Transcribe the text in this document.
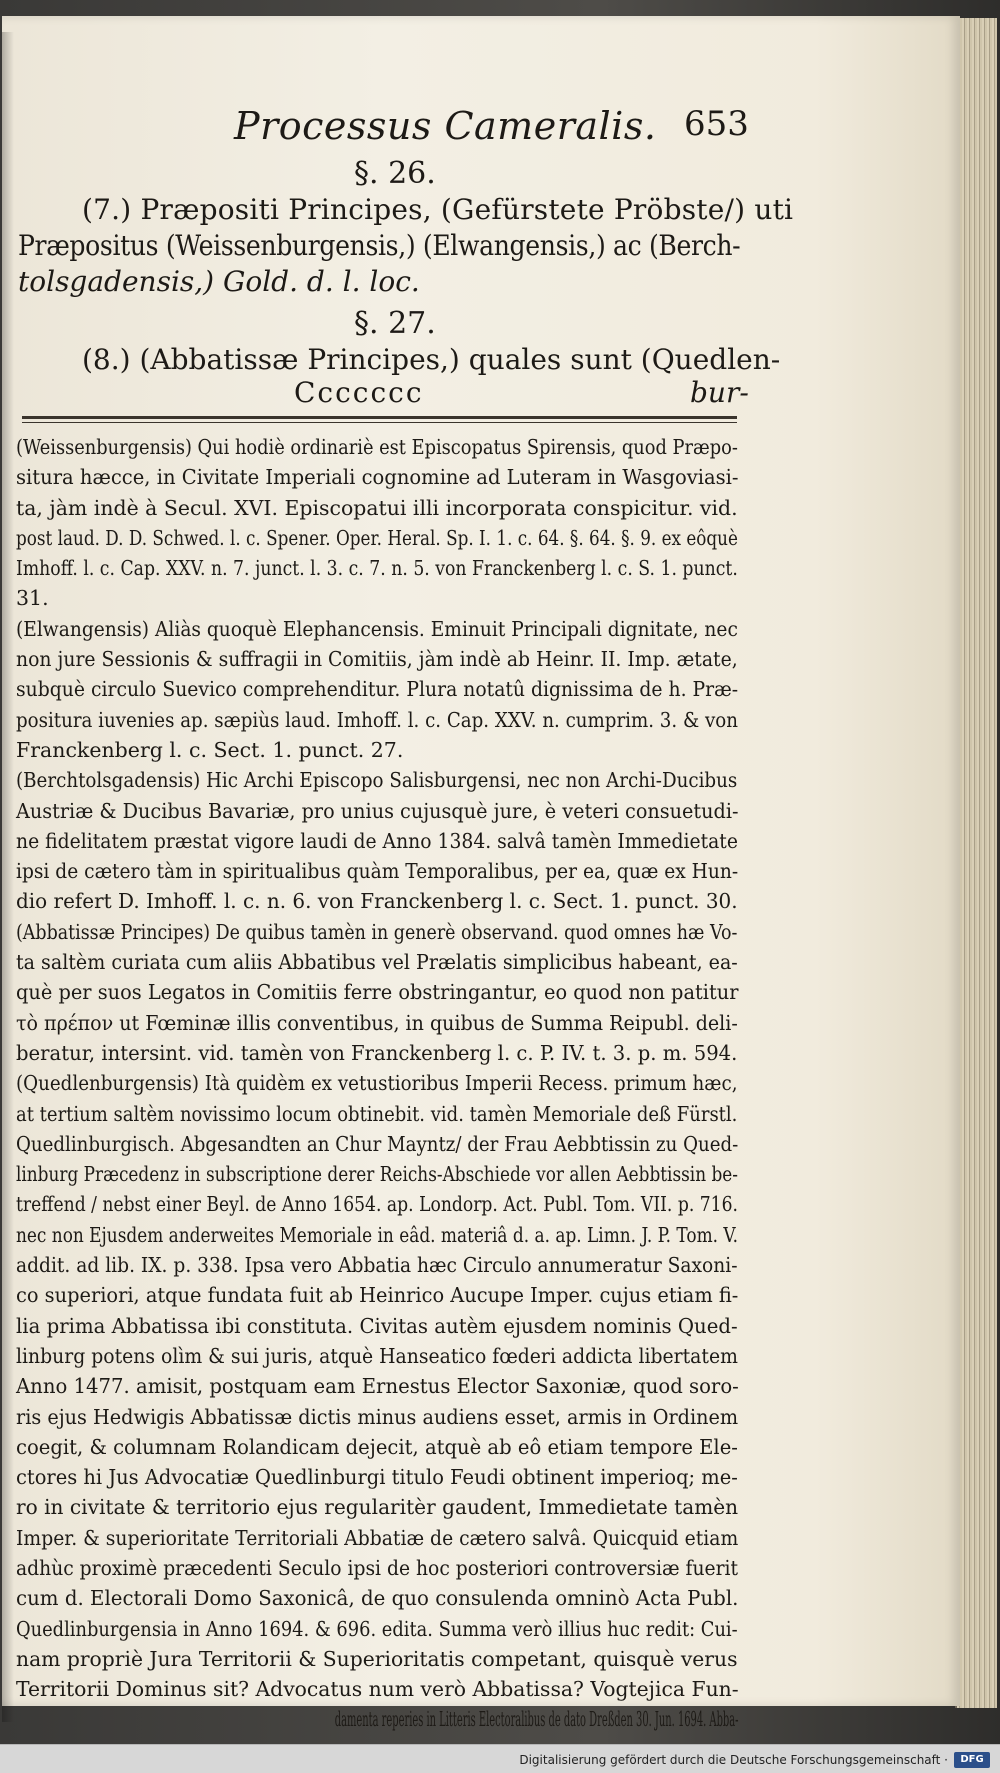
Processus Cameralis. 653
§. 26.
(7.) Præpositi Principes, (Gefürstete Pröbste/) uti
Præpositus (Weissenburgensis,) (Elwangensis,) ac (Berch-
tolsgadensis,) Gold. d. l. loc.
§. 27.
(8.) (Abbatissæ Principes,) quales sunt (Quedlen-
Ccccccc	bur-
(Weissenburgensis) Qui hodiè ordinariè est Episcopatus Spirensis, quod Præpo-
situra hæcce, in Civitate Imperiali cognomine ad Luteram in Wasgoviasi-
ta, jàm indè à Secul. XVI. Episcopatui illi incorporata conspicitur. vid.
post laud. D. D. Schwed. l. c. Spener. Oper. Heral. Sp. I. 1. c. 64. §. 64. §. 9. ex eôquè
Imhoff. l. c. Cap. XXV. n. 7. junct. l. 3. c. 7. n. 5. von Franckenberg l. c. S. 1. punct.
31.
(Elwangensis) Aliàs quoquè Elephancensis. Eminuit Principali dignitate, nec
non jure Sessionis & suffragii in Comitiis, jàm indè ab Heinr. II. Imp. ætate,
subquè circulo Suevico comprehenditur. Plura notatû dignissima de h. Præ-
positura iuvenies ap. sæpiùs laud. Imhoff. l. c. Cap. XXV. n. cumprim. 3. & von
Franckenberg l. c. Sect. 1. punct. 27.
(Berchtolsgadensis) Hic Archi Episcopo Salisburgensi, nec non Archi-Ducibus
Austriæ & Ducibus Bavariæ, pro unius cujusquè jure, è veteri consuetudi-
ne fidelitatem præstat vigore laudi de Anno 1384. salvâ tamèn Immedietate
ipsi de cætero tàm in spiritualibus quàm Temporalibus, per ea, quæ ex Hun-
dio refert D. Imhoff. l. c. n. 6. von Franckenberg l. c. Sect. 1. punct. 30.
(Abbatissæ Principes) De quibus tamèn in generè observand. quod omnes hæ Vo-
ta saltèm curiata cum aliis Abbatibus vel Prælatis simplicibus habeant, ea-
què per suos Legatos in Comitiis ferre obstringantur, eo quod non patitur
τὸ πρέπον ut Fœminæ illis conventibus, in quibus de Summa Reipubl. deli-
beratur, intersint. vid. tamèn von Franckenberg l. c. P. IV. t. 3. p. m. 594.
(Quedlenburgensis) Ità quidèm ex vetustioribus Imperii Recess. primum hæc,
at tertium saltèm novissimo locum obtinebit. vid. tamèn Memoriale deß Fürstl.
Quedlinburgisch. Abgesandten an Chur Mayntz/ der Frau Aebbtissin zu Qued-
linburg Præcedenz in subscriptione derer Reichs-Abschiede vor allen Aebbtissin be-
treffend / nebst einer Beyl. de Anno 1654. ap. Londorp. Act. Publ. Tom. VII. p. 716.
nec non Ejusdem anderweites Memoriale in eâd. materiâ d. a. ap. Limn. J. P. Tom. V.
addit. ad lib. IX. p. 338. Ipsa vero Abbatia hæc Circulo annumeratur Saxoni-
co superiori, atque fundata fuit ab Heinrico Aucupe Imper. cujus etiam fi-
lia prima Abbatissa ibi constituta. Civitas autèm ejusdem nominis Qued-
linburg potens olìm & sui juris, atquè Hanseatico fœderi addicta libertatem
Anno 1477. amisit, postquam eam Ernestus Elector Saxoniæ, quod soro-
ris ejus Hedwigis Abbatissæ dictis minus audiens esset, armis in Ordinem
coegit, & columnam Rolandicam dejecit, atquè ab eô etiam tempore Ele-
ctores hi Jus Advocatiæ Quedlinburgi titulo Feudi obtinent imperioq; me-
ro in civitate & territorio ejus regularitèr gaudent, Immedietate tamèn
Imper. & superioritate Territoriali Abbatiæ de cætero salvâ. Quicquid etiam
adhùc proximè præcedenti Seculo ipsi de hoc posteriori controversiæ fuerit
cum d. Electorali Domo Saxonicâ, de quo consulenda omninò Acta Publ.
Quedlinburgensia in Anno 1694. & 696. edita. Summa verò illius huc redit: Cui-
nam propriè Jura Territorii & Superioritatis competant, quisquè verus
Territorii Dominus sit? Advocatus num verò Abbatissa? Vogtejica Fun-
damenta reperies in Litteris Electoralibus de dato Dreßden 30. Jun. 1694. Abba-
Digitalisierung gefördert durch die Deutsche Forschungsgemeinschaft ·	DFG
